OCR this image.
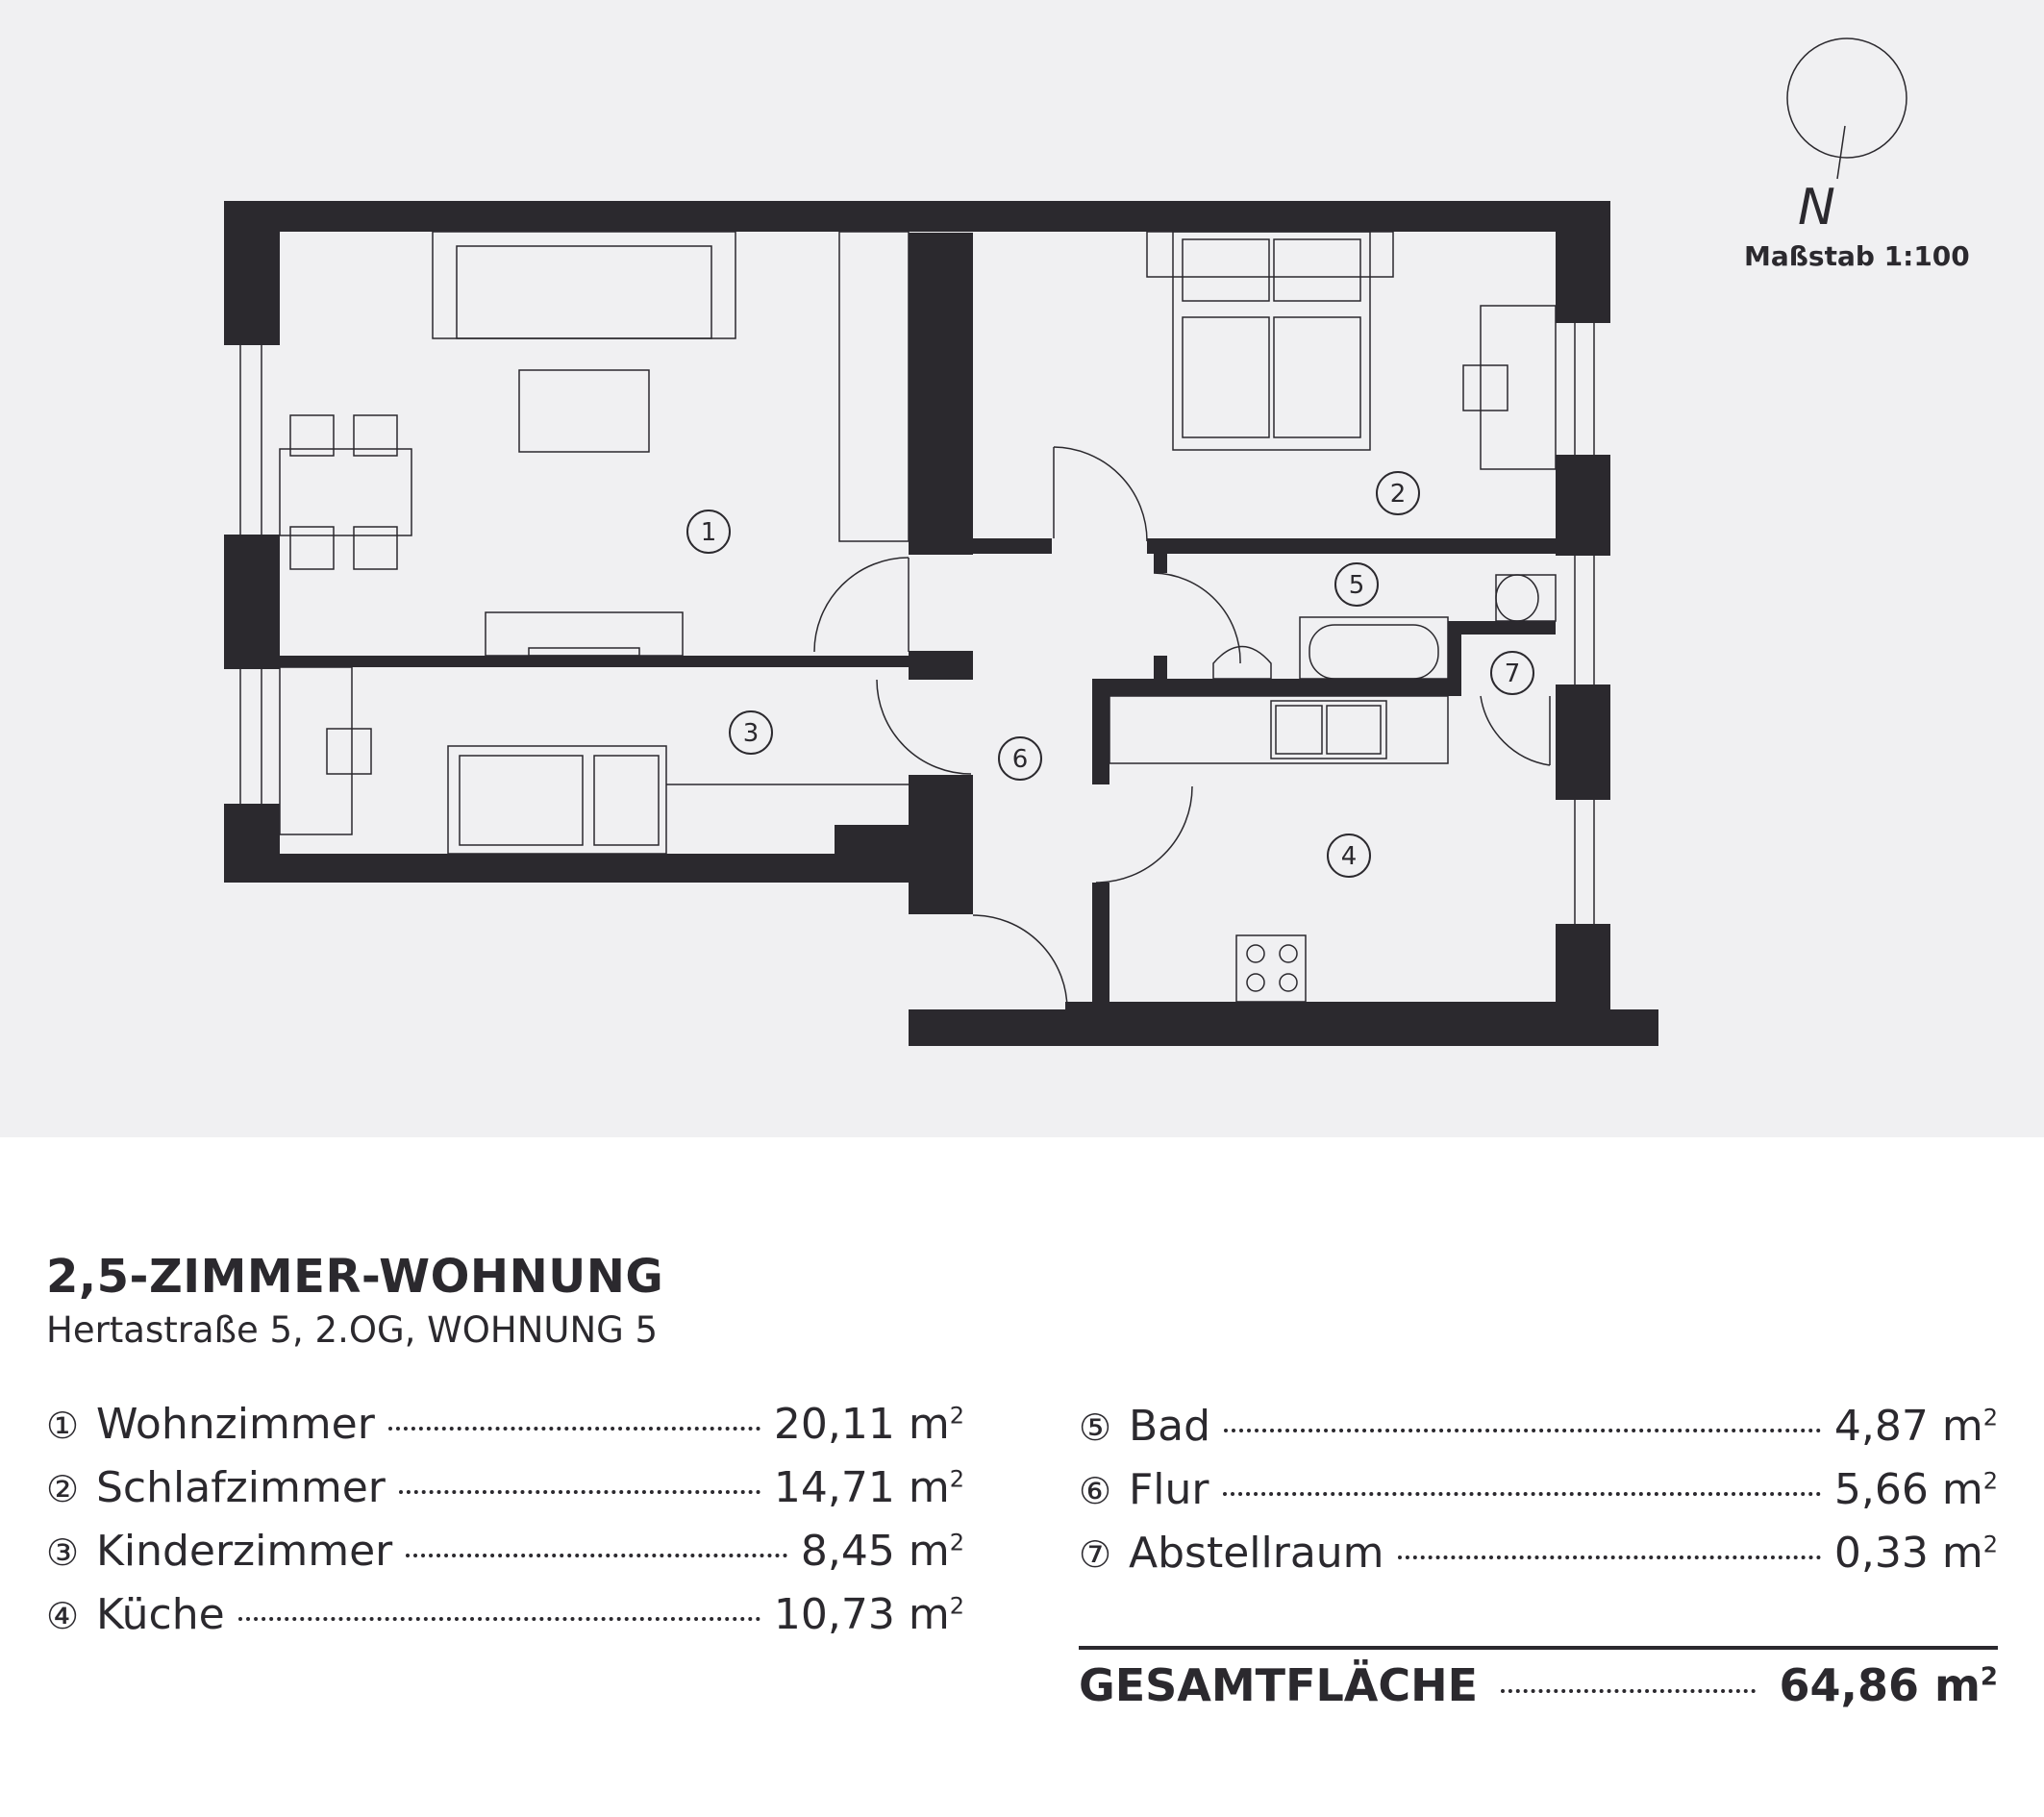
1
2
3
4
5
6
7
N
Maßstab 1:100
2,5-ZIMMER-WOHNUNG
Hertastraße 5, 2.OG, WOHNUNG 5
① Wohnzimmer	20,11 $m^2$
② Schlafzimmer	14,71 $m^2$
③ Kinderzimmer	8,45 $m^2$
④ Küche	10,73 $m^2$
⑤ Bad	4,87 $m^2$
⑥ Flur	5,66 $m^2$
⑦ Abstellraum	0,33 $m^2$
GESAMTFLÄCHE	64,86 $m^2$
